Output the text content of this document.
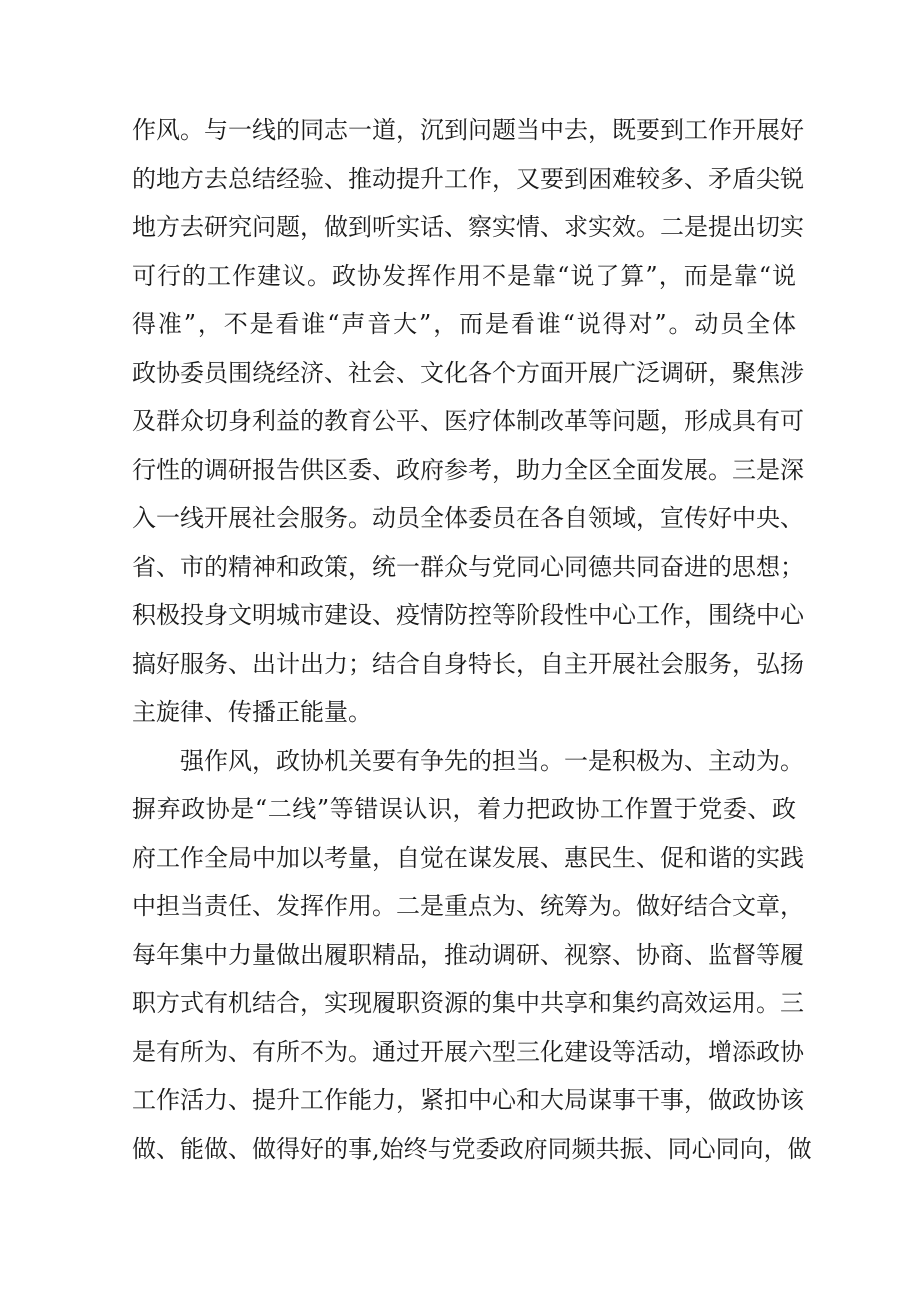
作风。与一线的同志一道，沉到问题当中去，既要到工作开展好
的地方去总结经验、推动提升工作，又要到困难较多、矛盾尖锐
地方去研究问题，做到听实话、察实情、求实效。二是提出切实
可行的工作建议。政协发挥作用不是靠“说了算”，而是靠“说
得准”，不是看谁“声音大”，而是看谁“说得对”。动员全体
政协委员围绕经济、社会、文化各个方面开展广泛调研，聚焦涉
及群众切身利益的教育公平、医疗体制改革等问题，形成具有可
行性的调研报告供区委、政府参考，助力全区全面发展。三是深
入一线开展社会服务。动员全体委员在各自领域，宣传好中央、
省、市的精神和政策，统一群众与党同心同德共同奋进的思想；
积极投身文明城市建设、疫情防控等阶段性中心工作，围绕中心
搞好服务、出计出力；结合自身特长，自主开展社会服务，弘扬
主旋律、传播正能量。
强作风，政协机关要有争先的担当。一是积极为、主动为。
摒弃政协是“二线”等错误认识，着力把政协工作置于党委、政
府工作全局中加以考量，自觉在谋发展、惠民生、促和谐的实践
中担当责任、发挥作用。二是重点为、统筹为。做好结合文章，
每年集中力量做出履职精品，推动调研、视察、协商、监督等履
职方式有机结合，实现履职资源的集中共享和集约高效运用。三
是有所为、有所不为。通过开展六型三化建设等活动，增添政协
工作活力、提升工作能力，紧扣中心和大局谋事干事，做政协该
做、能做、做得好的事,始终与党委政府同频共振、同心同向，做
